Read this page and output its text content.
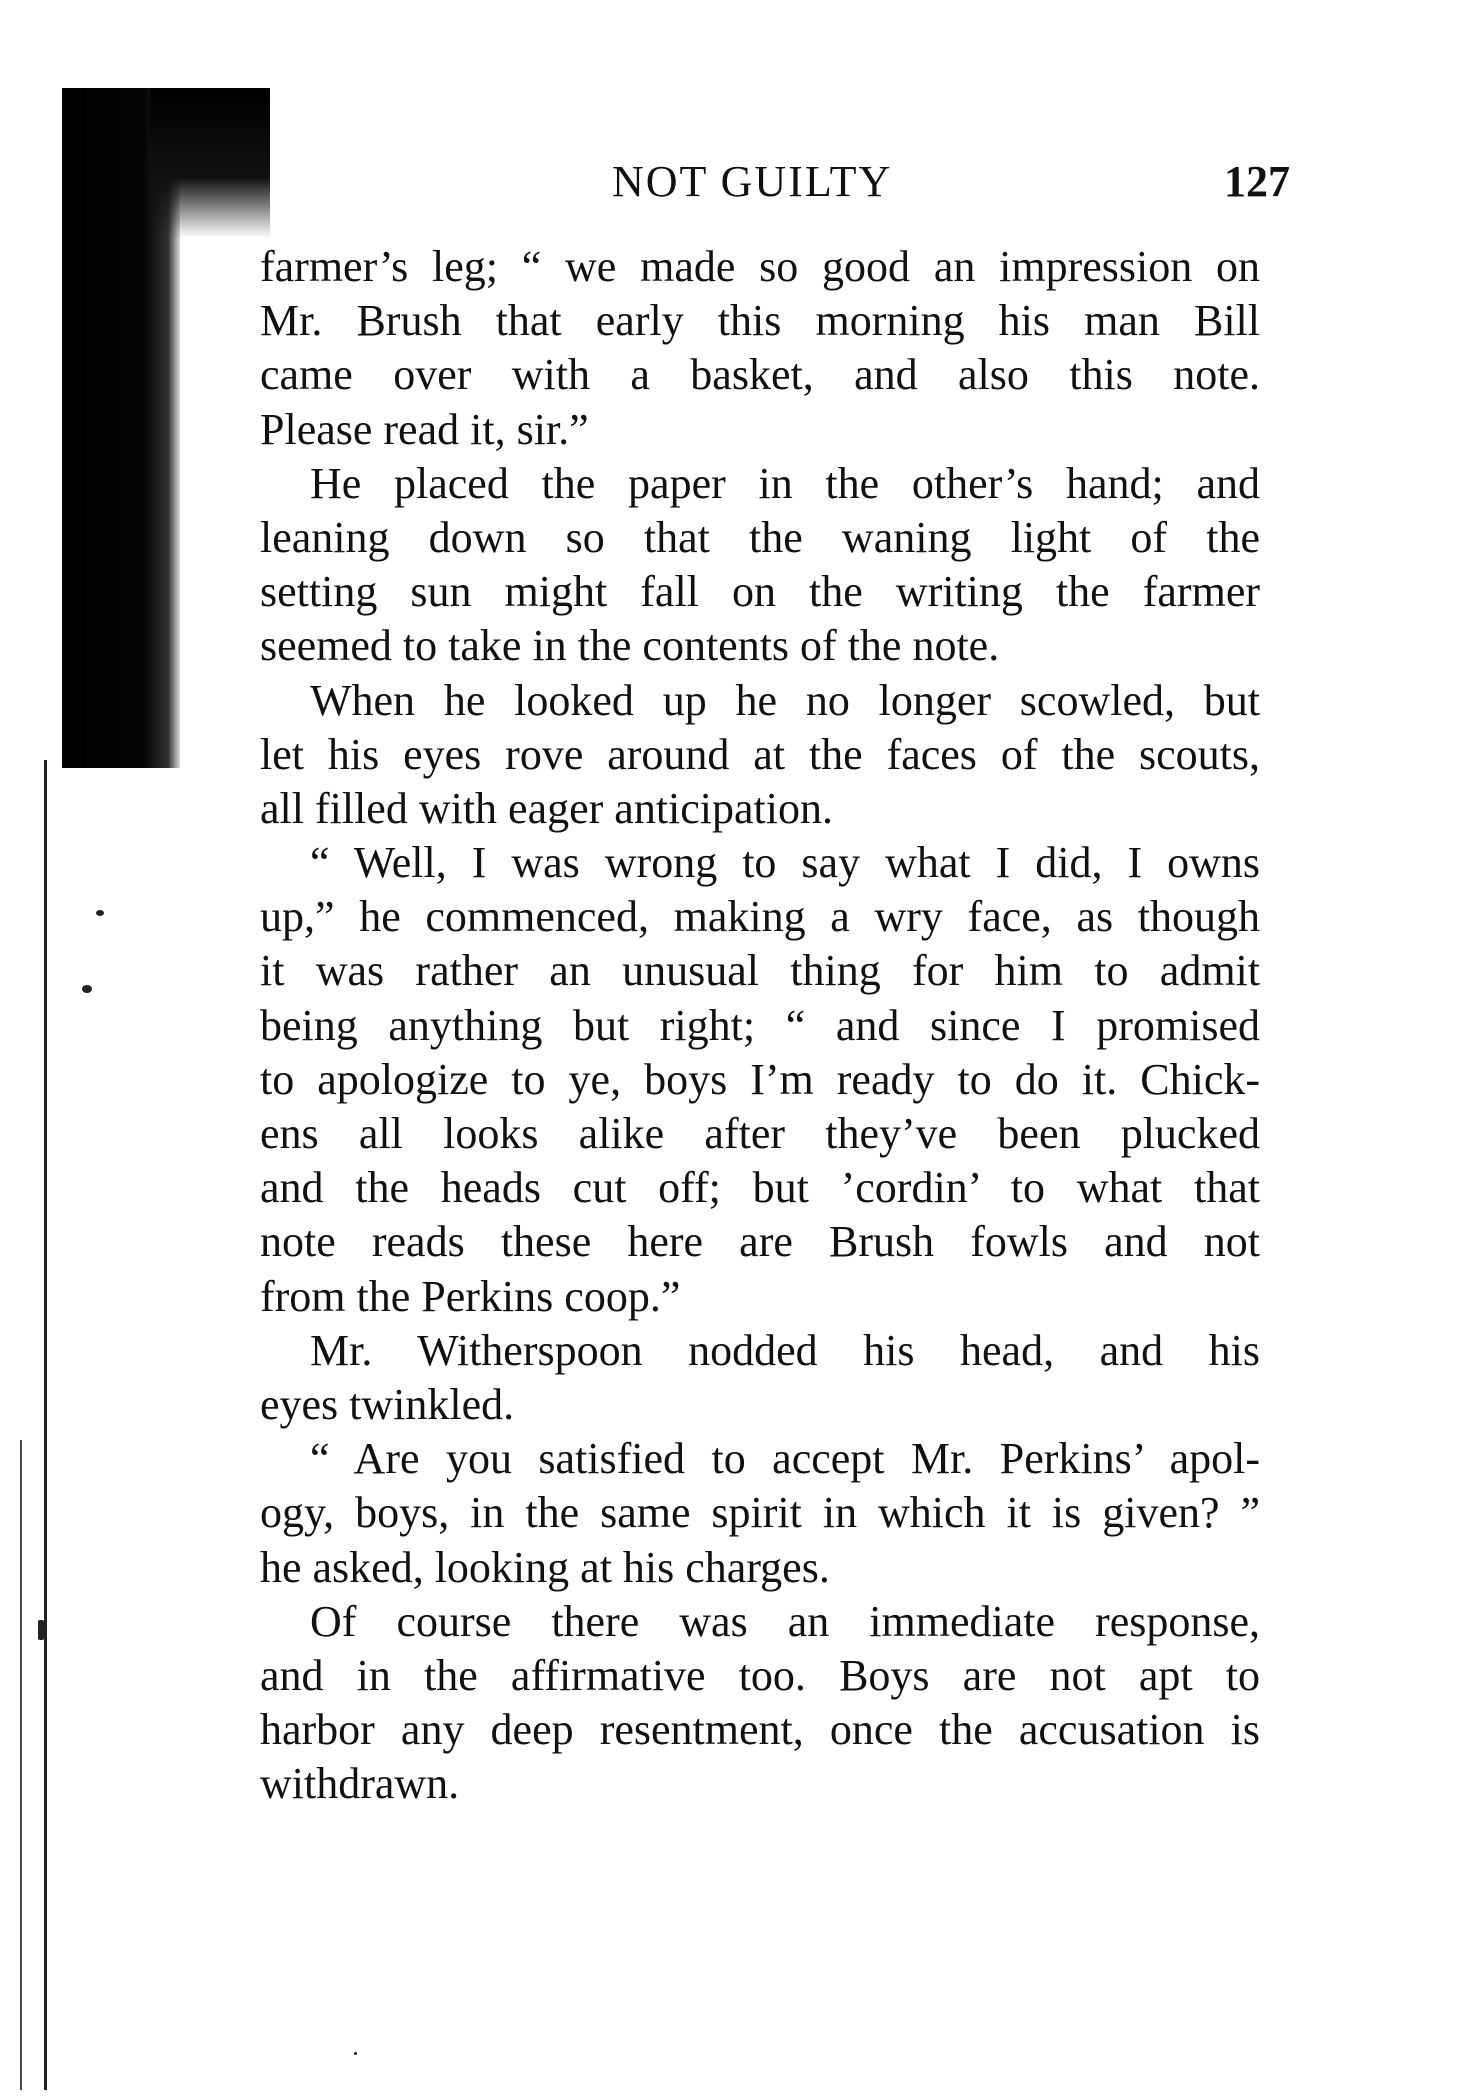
NOT GUILTY	127
farmer’s leg; “ we made so good an impression on
Mr. Brush that early this morning his man Bill
came over with a basket, and also this note.
Please read it, sir.”
He placed the paper in the other’s hand; and
leaning down so that the waning light of the
setting sun might fall on the writing the farmer
seemed to take in the contents of the note.
When he looked up he no longer scowled, but
let his eyes rove around at the faces of the scouts,
all filled with eager anticipation.
“ Well, I was wrong to say what I did, I owns
up,” he commenced, making a wry face, as though
it was rather an unusual thing for him to admit
being anything but right; “ and since I promised
to apologize to ye, boys I’m ready to do it. Chick-
ens all looks alike after they’ve been plucked
and the heads cut off; but ’cordin’ to what that
note reads these here are Brush fowls and not
from the Perkins coop.”
Mr. Witherspoon nodded his head, and his
eyes twinkled.
“ Are you satisfied to accept Mr. Perkins’ apol-
ogy, boys, in the same spirit in which it is given? ”
he asked, looking at his charges.
Of course there was an immediate response,
and in the affirmative too. Boys are not apt to
harbor any deep resentment, once the accusation is
withdrawn.
